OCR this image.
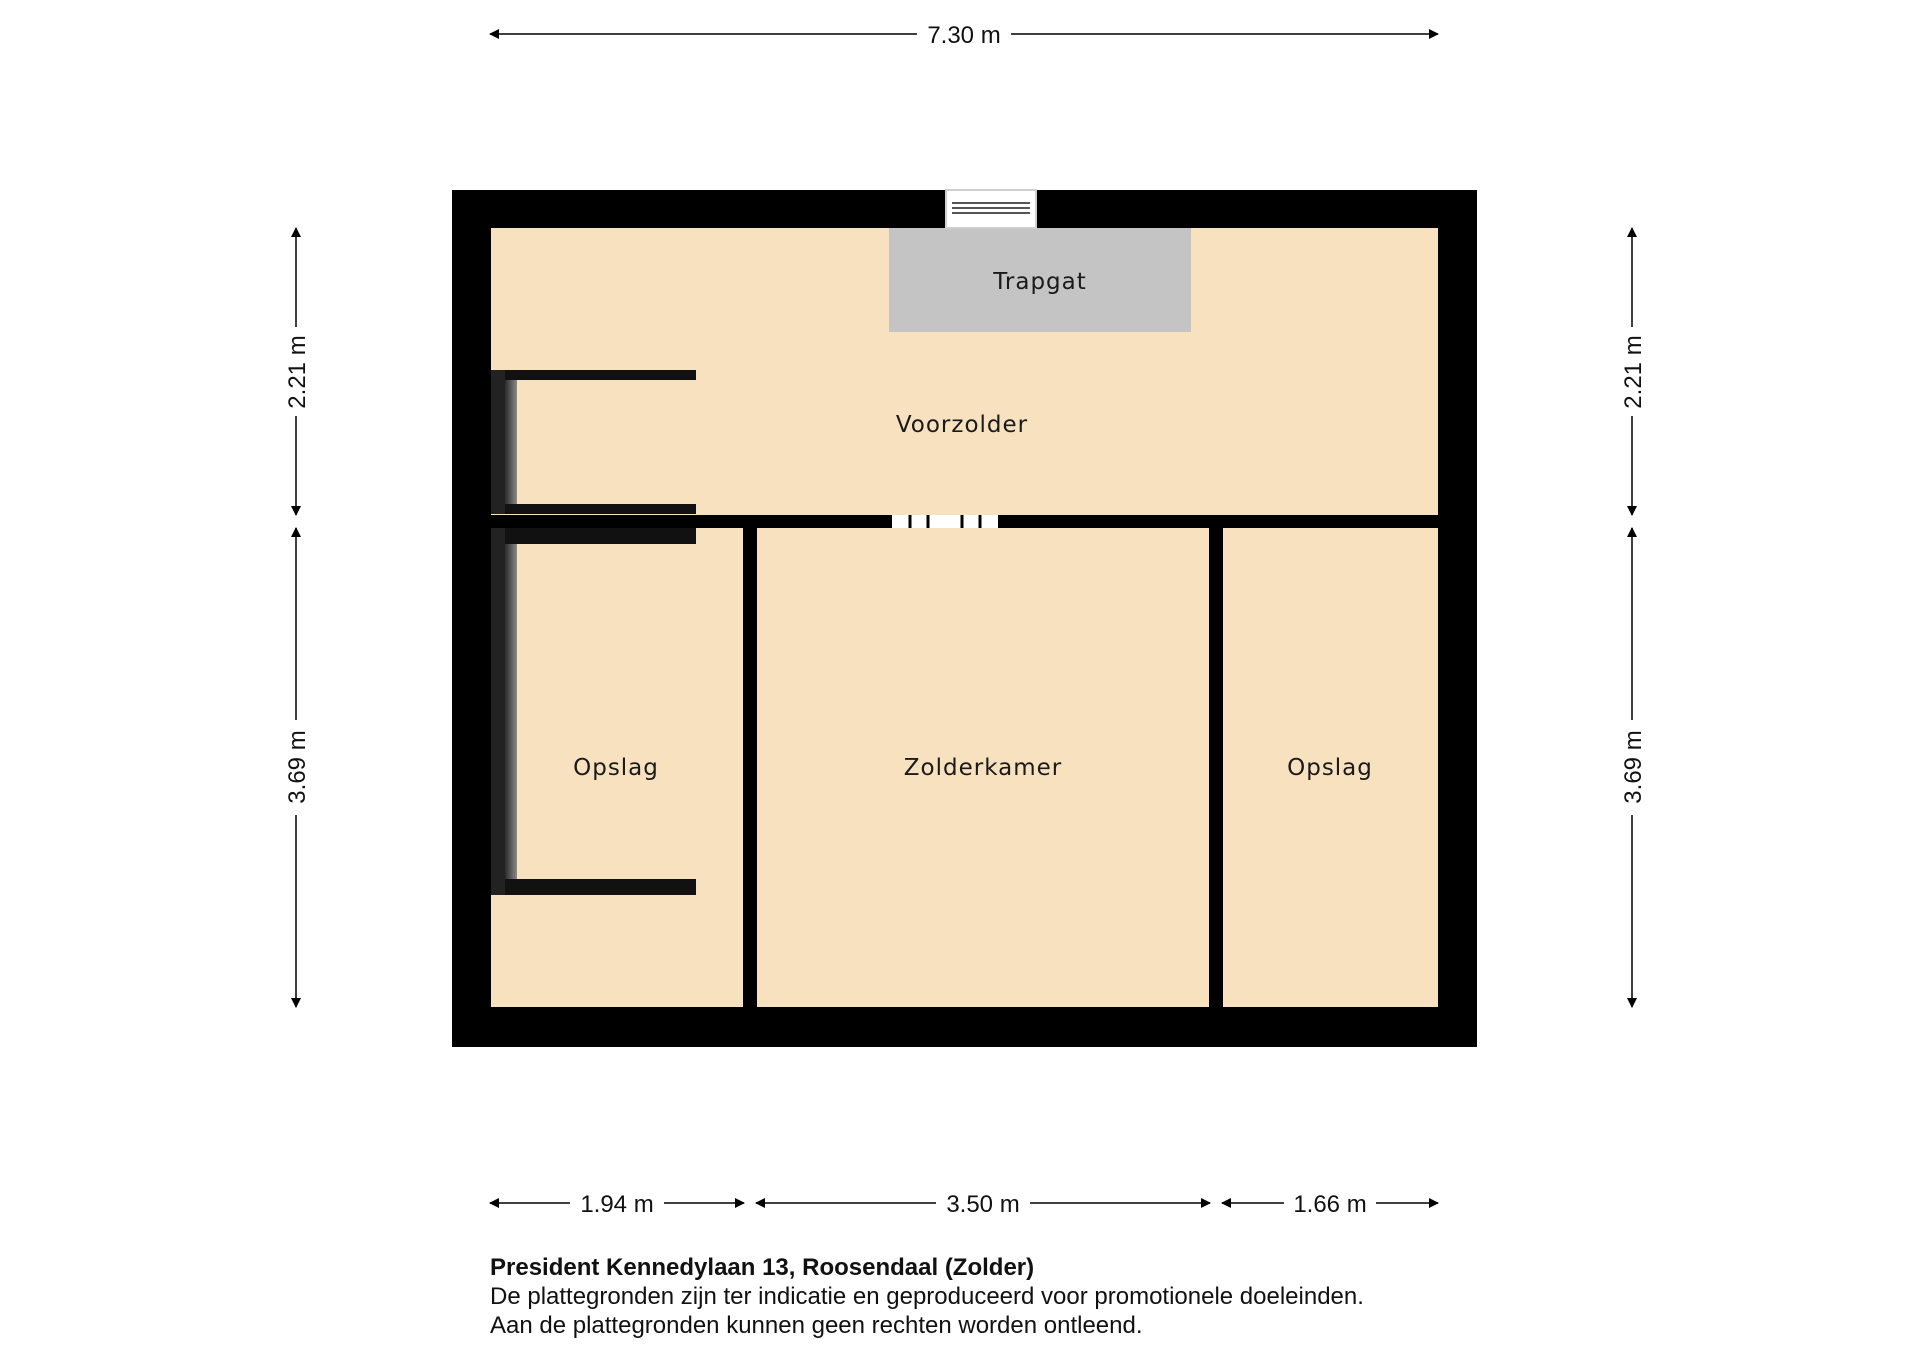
Trapgat
Voorzolder
Opslag	Zolderkamer	Opslag
7.30 m
2.21 m
3.69 m
2.21 m
3.69 m
1.94 m	3.50 m	1.66 m
President Kennedylaan 13, Roosendaal (Zolder)
De plattegronden zijn ter indicatie en geproduceerd voor promotionele doeleinden.
Aan de plattegronden kunnen geen rechten worden ontleend.
